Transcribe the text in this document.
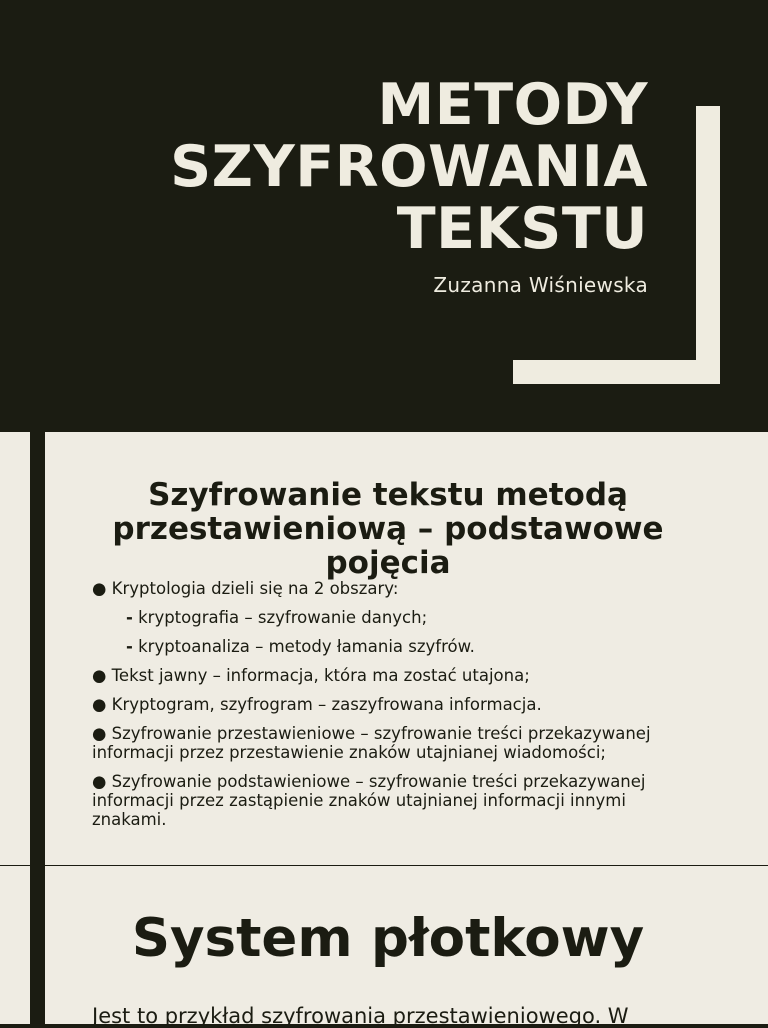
METODY
SZYFROWANIA
TEKSTU
Zuzanna Wiśniewska
Szyfrowanie tekstu metodą przestawieniową – podstawowe pojęcia
● Kryptologia dzieli się na 2 obszary:
- kryptografia – szyfrowanie danych;
- kryptoanaliza – metody łamania szyfrów.
● Tekst jawny – informacja, która ma zostać utajona;
● Kryptogram, szyfrogram – zaszyfrowana informacja.
● Szyfrowanie przestawieniowe – szyfrowanie treści przekazywanej informacji przez przestawienie znaków utajnianej wiadomości;
● Szyfrowanie podstawieniowe – szyfrowanie treści przekazywanej informacji przez zastąpienie znaków utajnianej informacji innymi znakami.
System płotkowy

Jest to przykład szyfrowania przestawieniowego. W
